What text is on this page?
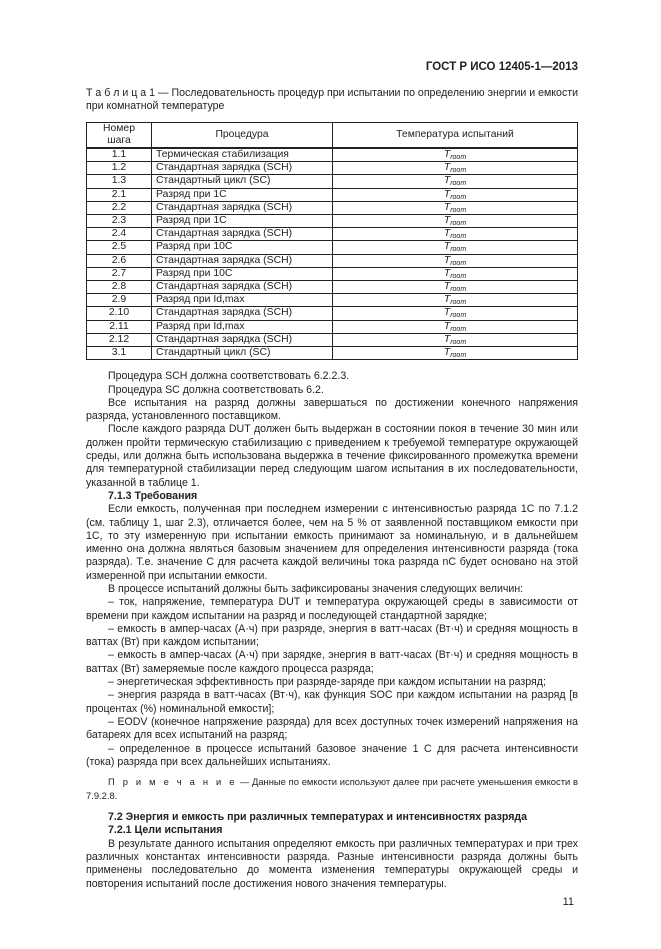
ГОСТ Р ИСО 12405-1—2013

Т а б л и ц а 1 — Последовательность процедур при испытании по определению энергии и емкости при комнатной температуре

Номер шага	Процедура	Температура испытаний
1.1	Термическая стабилизация	$T_{room}$
1.2	Стандартная зарядка (SCH)	$T_{room}$
1.3	Стандартный цикл (SC)	$T_{room}$
2.1	Разряд при 1C	$T_{room}$
2.2	Стандартная зарядка (SCH)	$T_{room}$
2.3	Разряд при 1C	$T_{room}$
2.4	Стандартная зарядка (SCH)	$T_{room}$
2.5	Разряд при 10C	$T_{room}$
2.6	Стандартная зарядка (SCH)	$T_{room}$
2.7	Разряд при 10C	$T_{room}$
2.8	Стандартная зарядка (SCH)	$T_{room}$
2.9	Разряд при Id,max	$T_{room}$
2.10	Стандартная зарядка (SCH)	$T_{room}$
2.11	Разряд при Id,max	$T_{room}$
2.12	Стандартная зарядка (SCH)	$T_{room}$
3.1	Стандартный цикл (SC)	$T_{room}$

Процедура SCH должна соответствовать 6.2.2.3.

Процедура SC должна соответствовать 6.2.

Все испытания на разряд должны завершаться по достижении конечного напряжения разряда, установленного поставщиком.

После каждого разряда DUT должен быть выдержан в состоянии покоя в течение 30 мин или должен пройти термическую стабилизацию с приведением к требуемой температуре окружающей среды, или должна быть использована выдержка в течение фиксированного промежутка времени для температурной стабилизации перед следующим шагом испытания в их последовательности, указанной в таблице 1.

7.1.3 Требования

Если емкость, полученная при последнем измерении с интенсивностью разряда 1C по 7.1.2 (см. таблицу 1, шаг 2.3), отличается более, чем на 5 % от заявленной поставщиком емкости при 1C, то эту измеренную при испытании емкость принимают за номинальную, и в дальнейшем именно она должна являться базовым значением для определения интенсивности разряда (тока разряда). Т.е. значение C для расчета каждой величины тока разряда nC будет основано на этой измеренной при испытании емкости.

В процессе испытаний должны быть зафиксированы значения следующих величин:

– ток, напряжение, температура DUT и температура окружающей среды в зависимости от времени при каждом испытании на разряд и последующей стандартной зарядке;

– емкость в ампер-часах (А·ч) при разряде, энергия в ватт-часах (Вт·ч) и средняя мощность в ваттах (Вт) при каждом испытании;

– емкость в ампер-часах (А·ч) при зарядке, энергия в ватт-часах (Вт·ч) и средняя мощность в ваттах (Вт) замеряемые после каждого процесса разряда;

– энергетическая эффективность при разряде-заряде при каждом испытании на разряд;

– энергия разряда в ватт-часах (Вт·ч), как функция SOC при каждом испытании на разряд [в процентах (%) номинальной емкости];

– EODV (конечное напряжение разряда) для всех доступных точек измерений напряжения на батареях для всех испытаний на разряд;

– определенное в процессе испытаний базовое значение 1 C для расчета интенсивности (тока) разряда при всех дальнейших испытаниях.

П р и м е ч а н и е — Данные по емкости используют далее при расчете уменьшения емкости в 7.9.2.8.

7.2 Энергия и емкость при различных температурах и интенсивностях разряда

7.2.1 Цели испытания

В результате данного испытания определяют емкость при различных температурах и при трех различных константах интенсивности разряда. Разные интенсивности разряда должны быть применены последовательно до момента изменения температуры окружающей среды и повторения испытаний после достижения нового значения температуры.

11
